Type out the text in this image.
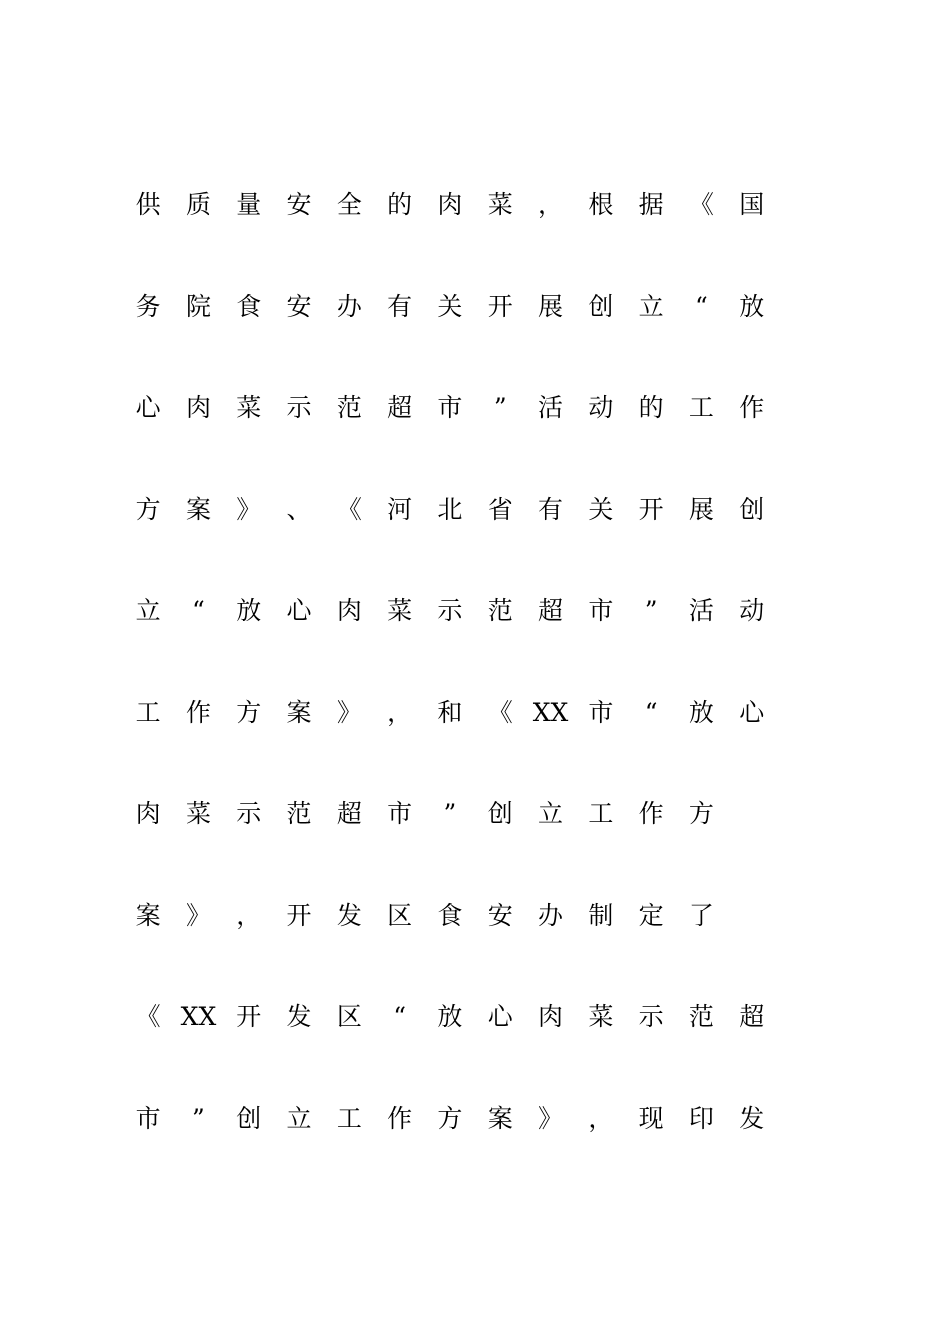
供	质	量	安	全	的	肉	菜	，	根	据	《	国
务	院	食	安	办	有	关	开	展	创	立	“	放
心	肉	菜	示	范	超	市	”	活	动	的	工	作
方	案	》	、	《	河	北	省	有	关	开	展	创
立	“	放	心	肉	菜	示	范	超	市	”	活	动
工	作	方	案	》	，	和	《 XX 市	“	放	心
肉	菜	示	范	超	市	”	创	立	工	作	方
案	》	，	开	发	区	食	安	办	制	定	了
《 XX 开	发	区	“	放	心	肉	菜	示	范	超
市	”	创	立	工	作	方	案	》	，	现	印	发
